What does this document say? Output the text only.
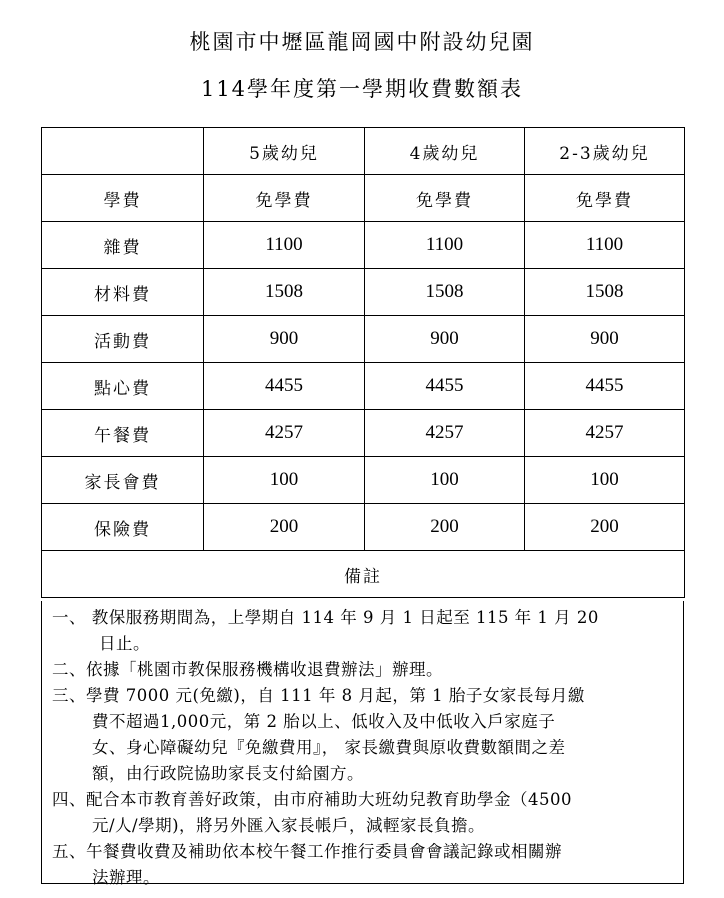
桃園市中壢區龍岡國中附設幼兒園
114學年度第一學期收費數額表
	5歲幼兒	4歲幼兒	2-3歲幼兒
學費	免學費	免學費	免學費
雜費	1100	1100	1100
材料費	1508	1508	1508
活動費	900	900	900
點心費	4455	4455	4455
午餐費	4257	4257	4257
家長會費	100	100	100
保險費	200	200	200
備註			
一、 教保服務期間為，上學期自 114 年 9 月 1 日起至 115 年 1 月 20
日止。
二、依據「桃園市教保服務機構收退費辦法」辦理。
三、學費 7000 元(免繳)，自 111 年 8 月起，第 1 胎子女家長每月繳
費不超過1,000元，第 2 胎以上、低收入及中低收入戶家庭子
女、身心障礙幼兒『免繳費用』， 家長繳費與原收費數額間之差
額，由行政院協助家長支付給園方。
四、配合本市教育善好政策，由市府補助大班幼兒教育助學金（4500
元/人/學期)，將另外匯入家長帳戶，減輕家長負擔。
五、午餐費收費及補助依本校午餐工作推行委員會會議記錄或相關辦
法辦理。
